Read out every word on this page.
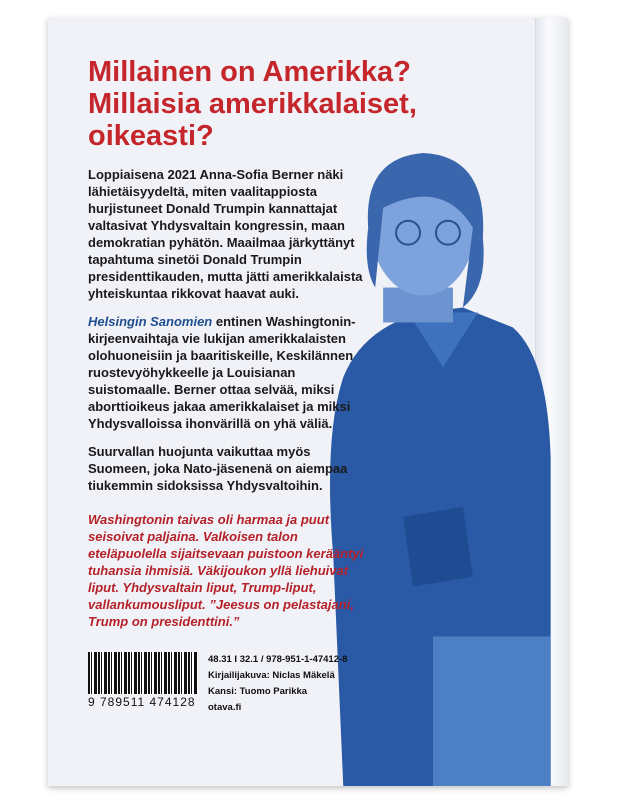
Millainen on Amerikka? Millaisia amerikkalaiset, oikeasti?

Loppiaisena 2021 Anna-Sofia Berner näki lähietäisyydeltä, miten vaalitappiosta hurjistuneet Donald Trumpin kannattajat valtasivat Yhdysvaltain kongressin, maan demokratian pyhätön. Maailmaa järkyttänyt tapahtuma sinetöi Donald Trumpin presidenttikauden, mutta jätti amerikkalaista yhteiskuntaa rikkovat haavat auki.

Helsingin Sanomien entinen Washingtonin-kirjeenvaihtaja vie lukijan amerikkalaisten olohuoneisiin ja baaritiskeille, Keskilännen ruostevyöhykkeelle ja Louisianan suistomaalle. Berner ottaa selvää, miksi aborttioikeus jakaa amerikkalaiset ja miksi Yhdysvalloissa ihonvärillä on yhä väliä.

Suurvallan huojunta vaikuttaa myös Suomeen, joka Nato-jäsenenä on aiempaa tiukemmin sidoksissa Yhdysvaltoihin.

Washingtonin taivas oli harmaa ja puut seisoivat paljaina. Valkoisen talon eteläpuolella sijaitsevaan puistoon kerääntyi tuhansia ihmisiä. Väkijoukon yllä liehuivat liput. Yhdysvaltain liput, Trump-liput, vallankumousliput. ”Jeesus on pelastajani, Trump on presidenttini.”

9 789511 474128
48.31 I 32.1 / 978-951-1-47412-8
Kirjailijakuva: Niclas Mäkelä
Kansi: Tuomo Parikka
otava.fi
